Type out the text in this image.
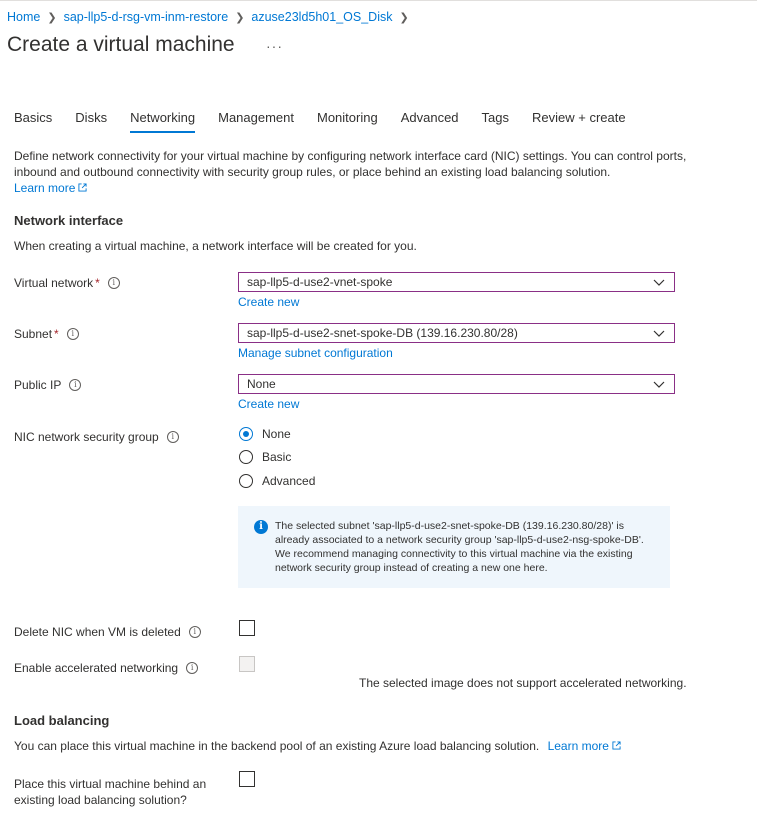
Home ❯ sap-llp5-d-rsg-vm-inm-restore ❯ azuse23ld5h01_OS_Disk ❯
Create a virtual machine ···
Basics Disks Networking Management Monitoring Advanced Tags Review + create
Define network connectivity for your virtual machine by configuring network interface card (NIC) settings. You can control ports, inbound and outbound connectivity with security group rules, or place behind an existing load balancing solution.
Learn more
Network interface
When creating a virtual machine, a network interface will be created for you.
Virtual network *	i	sap-llp5-d-use2-vnet-spoke
Create new
Subnet *	i	sap-llp5-d-use2-snet-spoke-DB (139.16.230.80/28)
Manage subnet configuration
Public IP	i	None
Create new
NIC network security group	i	None
Basic
Advanced
i	The selected subnet 'sap-llp5-d-use2-snet-spoke-DB (139.16.230.80/28)' is already associated to a network security group 'sap-llp5-d-use2-nsg-spoke-DB'. We recommend managing connectivity to this virtual machine via the existing network security group instead of creating a new one here.
Delete NIC when VM is deleted	i
Enable accelerated networking	i
The selected image does not support accelerated networking.
Load balancing
You can place this virtual machine in the backend pool of an existing Azure load balancing solution. Learn more
Place this virtual machine behind an
existing load balancing solution?
